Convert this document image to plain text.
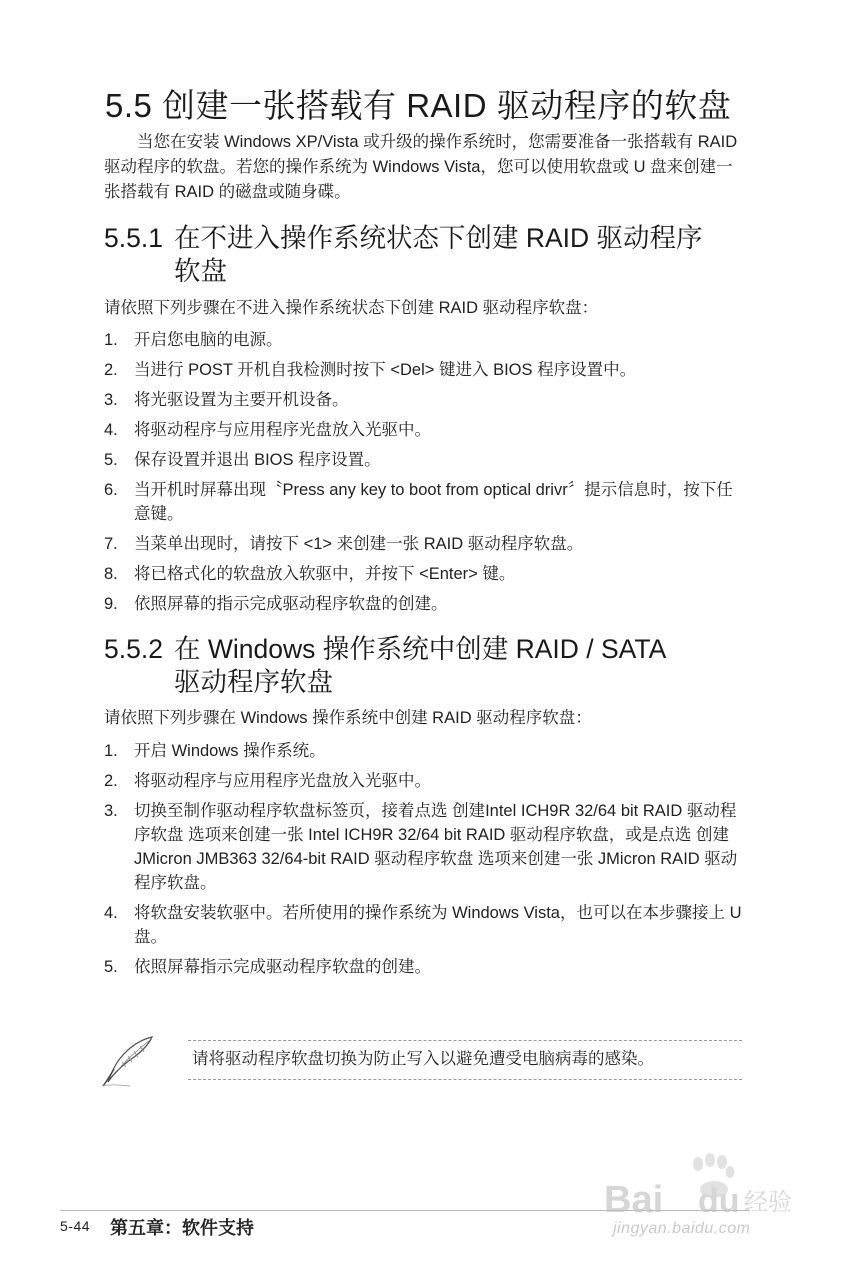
5.5 创建一张搭载有 RAID 驱动程序的软盘

当您在安装 Windows XP/Vista 或升级的操作系统时，您需要准备一张搭载有 RAID 驱动程序的软盘。若您的操作系统为 Windows Vista，您可以使用软盘或 U 盘来创建一张搭载有 RAID 的磁盘或随身碟。

5.5.1 在不进入操作系统状态下创建 RAID 驱动程序
软盘

请依照下列步骤在不进入操作系统状态下创建 RAID 驱动程序软盘：

1. 开启您电脑的电源。
2. 当进行 POST 开机自我检测时按下 <Del> 键进入 BIOS 程序设置中。
3. 将光驱设置为主要开机设备。
4. 将驱动程序与应用程序光盘放入光驱中。
5. 保存设置并退出 BIOS 程序设置。
6. 当开机时屏幕出现〝Press any key to boot from optical drivr〞提示信息时，按下任意键。
7. 当菜单出现时，请按下 <1> 来创建一张 RAID 驱动程序软盘。
8. 将已格式化的软盘放入软驱中，并按下 <Enter> 键。
9. 依照屏幕的指示完成驱动程序软盘的创建。
5.5.2 在 Windows 操作系统中创建 RAID / SATA
驱动程序软盘

请依照下列步骤在 Windows 操作系统中创建 RAID 驱动程序软盘：

1. 开启 Windows 操作系统。
2. 将驱动程序与应用程序光盘放入光驱中。
3. 切换至制作驱动程序软盘标签页，接着点选 创建Intel ICH9R 32/64 bit RAID 驱动程序软盘 选项来创建一张 Intel ICH9R 32/64 bit RAID 驱动程序软盘，或是点选 创建 JMicron JMB363 32/64-bit RAID 驱动程序软盘 选项来创建一张 JMicron RAID 驱动程序软盘。
4. 将软盘安装软驱中。若所使用的操作系统为 Windows Vista，也可以在本步骤接上 U 盘。
5. 依照屏幕指示完成驱动程序软盘的创建。

请将驱动程序软盘切换为防止写入以避免遭受电脑病毒的感染。

Bai du 经验
jingyan.baidu.com
5-44 第五章：软件支持
